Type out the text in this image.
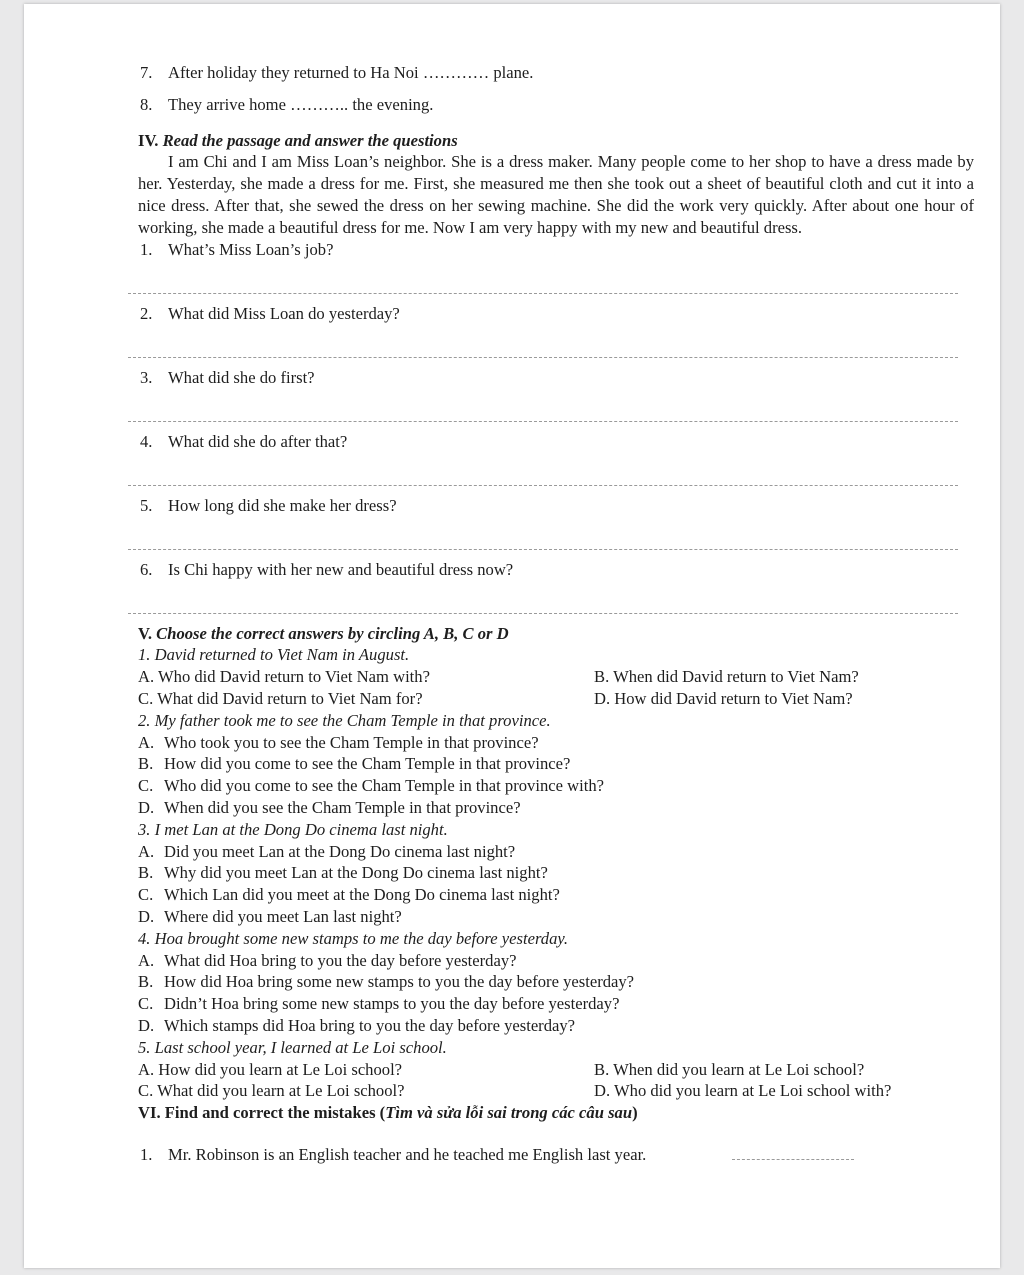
7. After holiday they returned to Ha Noi ………… plane.
8. They arrive home ……….. the evening.
IV. Read the passage and answer the questions
I am Chi and I am Miss Loan’s neighbor. She is a dress maker. Many people come to her shop to have a dress made by her. Yesterday, she made a dress for me. First, she measured me then she took out a sheet of beautiful cloth and cut it into a nice dress. After that, she sewed the dress on her sewing machine. She did the work very quickly. After about one hour of working, she made a beautiful dress for me. Now I am very happy with my new and beautiful dress.
1. What’s Miss Loan’s job?
2. What did Miss Loan do yesterday?
3. What did she do first?
4. What did she do after that?
5. How long did she make her dress?
6. Is Chi happy with her new and beautiful dress now?
V. Choose the correct answers by circling A, B, C or D
1. David returned to Viet Nam in August.
A. Who did David return to Viet Nam with?	B. When did David return to Viet Nam?
C. What did David return to Viet Nam for?	D. How did David return to Viet Nam?
2. My father took me to see the Cham Temple in that province.
A. Who took you to see the Cham Temple in that province?
B. How did you come to see the Cham Temple in that province?
C. Who did you come to see the Cham Temple in that province with?
D. When did you see the Cham Temple in that province?
3. I met Lan at the Dong Do cinema last night.
A. Did you meet Lan at the Dong Do cinema last night?
B. Why did you meet Lan at the Dong Do cinema last night?
C. Which Lan did you meet at the Dong Do cinema last night?
D. Where did you meet Lan last night?
4. Hoa brought some new stamps to me the day before yesterday.
A. What did Hoa bring to you the day before yesterday?
B. How did Hoa bring some new stamps to you the day before yesterday?
C. Didn’t Hoa bring some new stamps to you the day before yesterday?
D. Which stamps did Hoa bring to you the day before yesterday?
5. Last school year, I learned at Le Loi school.
A. How did you learn at Le Loi school?	B. When did you learn at Le Loi school?
C. What did you learn at Le Loi school?	D. Who did you learn at Le Loi school with?
VI. Find and correct the mistakes (Tìm và sửa lỗi sai trong các câu sau)
1. Mr. Robinson is an English teacher and he teached me English last year.
